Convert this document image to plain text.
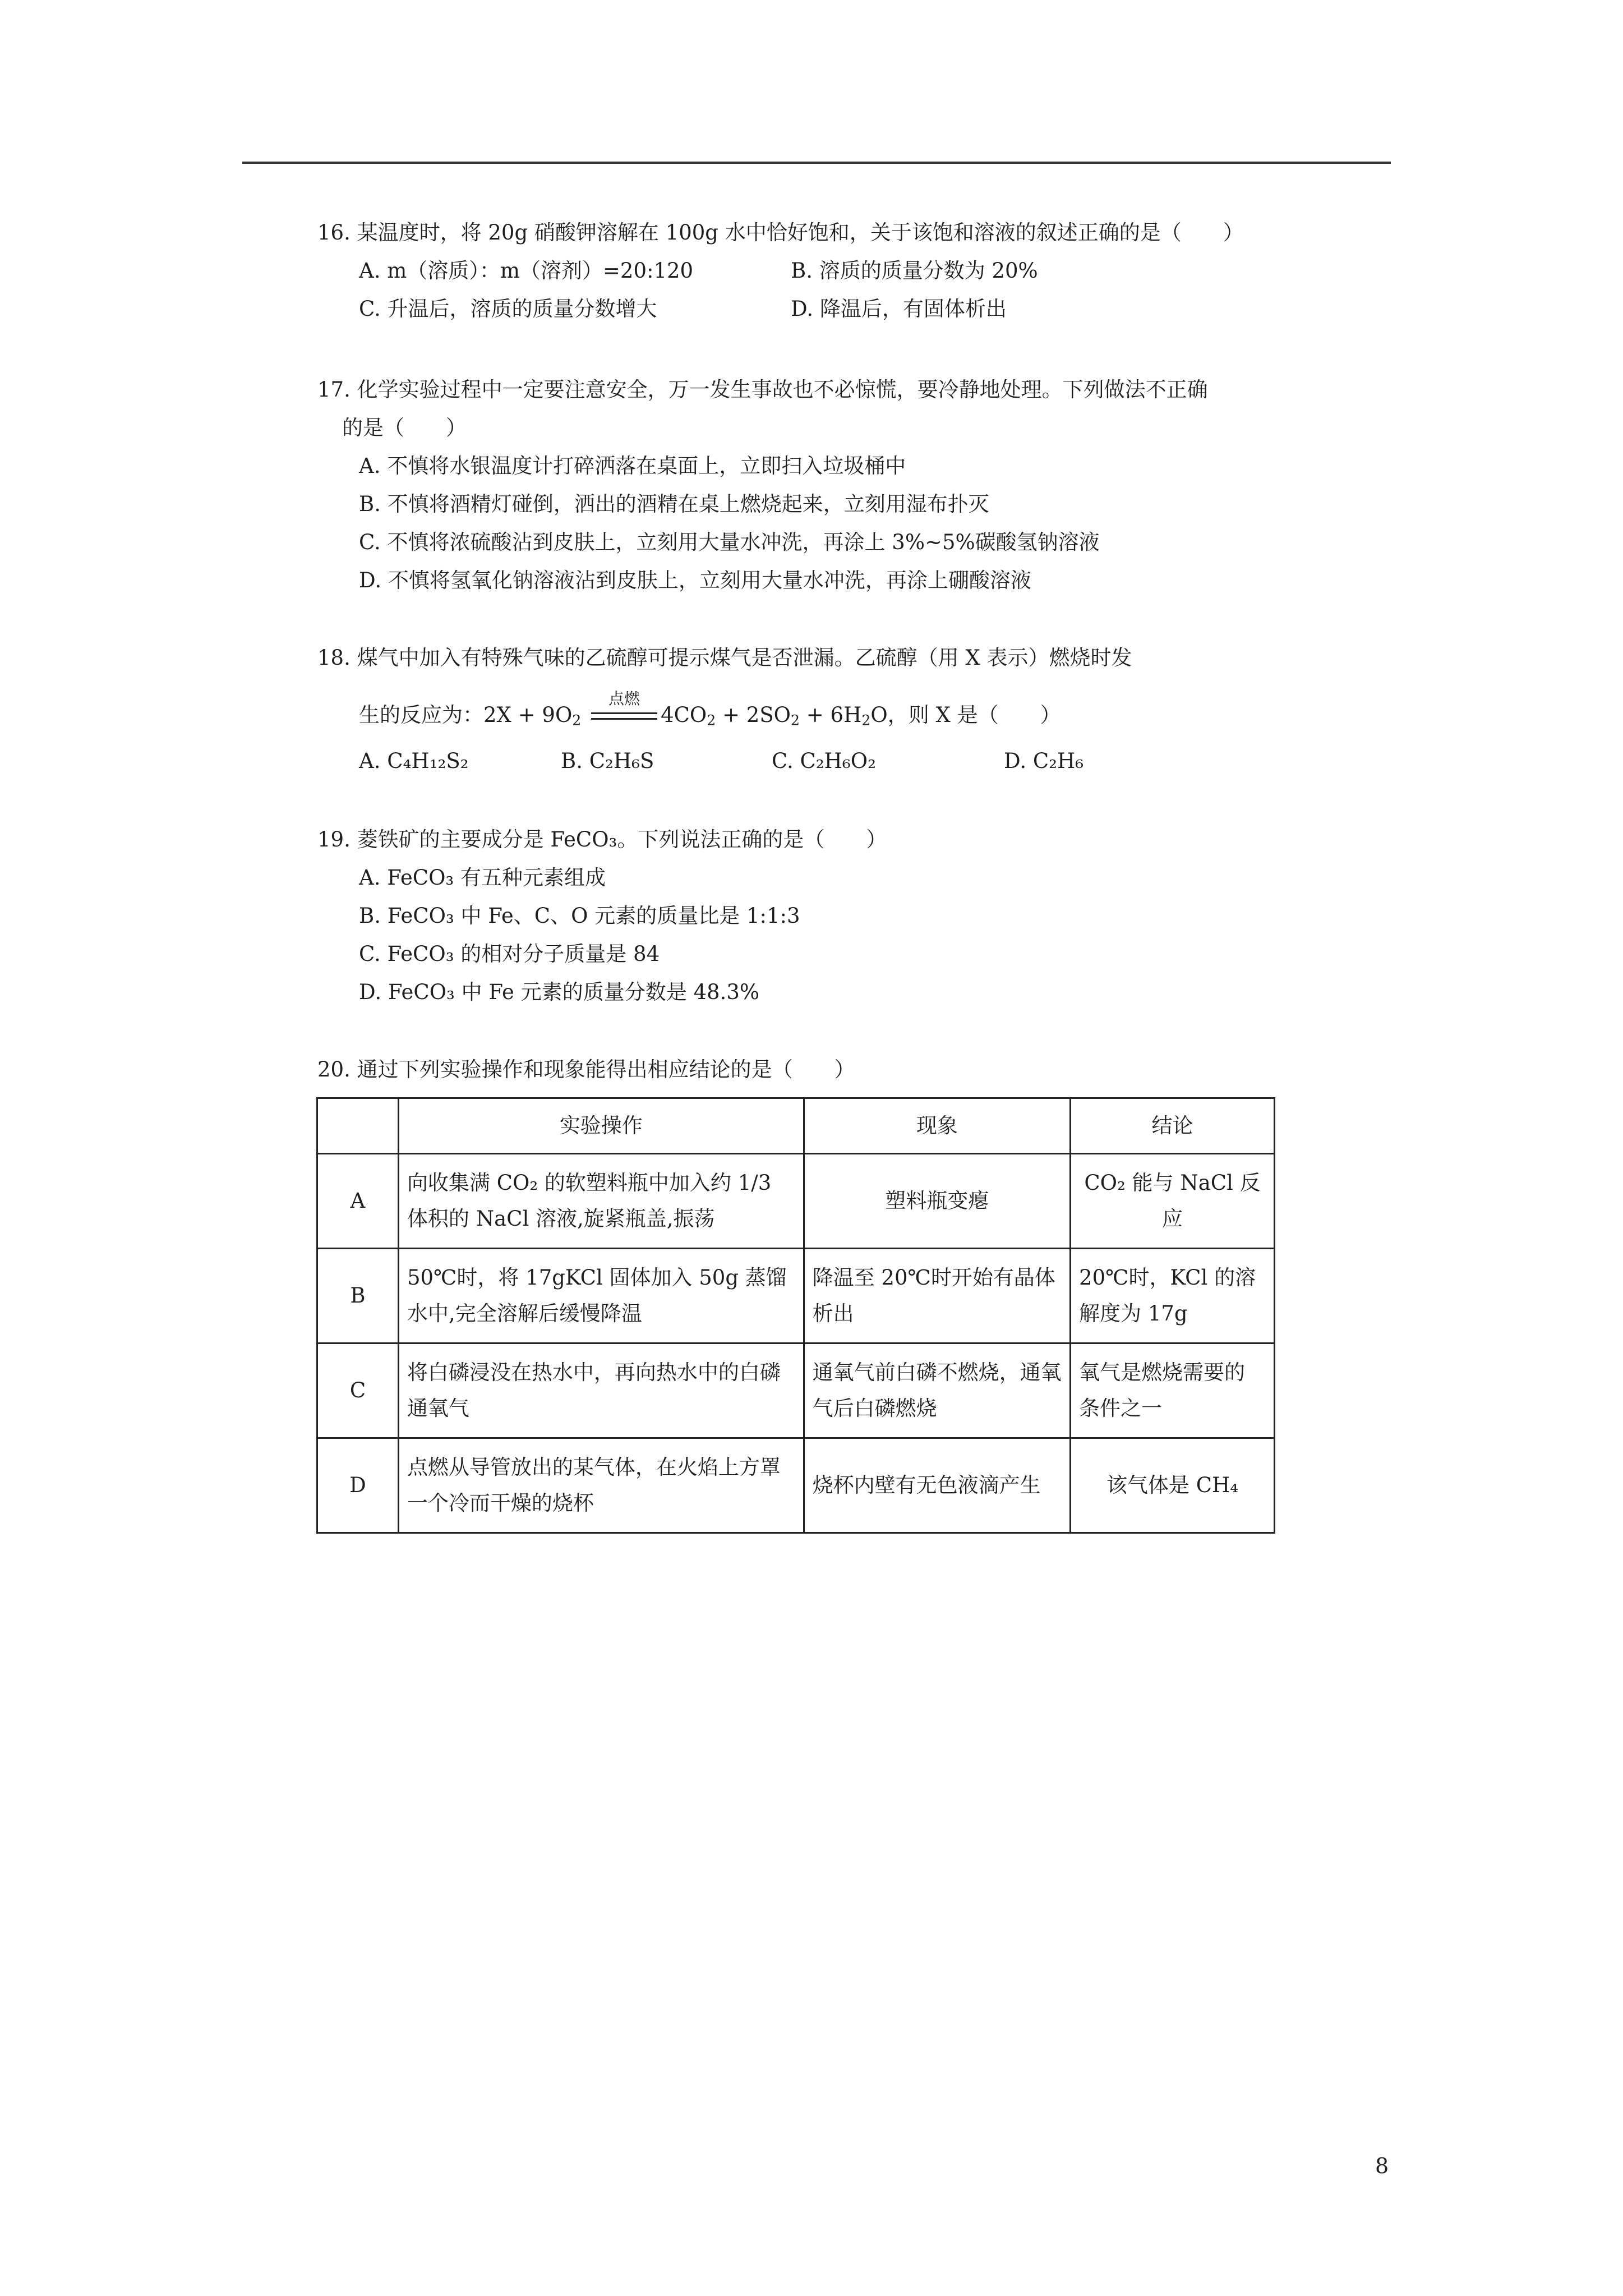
16. 某温度时，将 20g 硝酸钾溶解在 100g 水中恰好饱和，关于该饱和溶液的叙述正确的是（　　）
A. m（溶质）：m（溶剂）=20:120	B. 溶质的质量分数为 20%
C. 升温后，溶质的质量分数增大	D. 降温后，有固体析出
17. 化学实验过程中一定要注意安全，万一发生事故也不必惊慌，要冷静地处理。下列做法不正确
的是（　　）
A. 不慎将水银温度计打碎洒落在桌面上，立即扫入垃圾桶中
B. 不慎将酒精灯碰倒，洒出的酒精在桌上燃烧起来，立刻用湿布扑灭
C. 不慎将浓硫酸沾到皮肤上，立刻用大量水冲洗，再涂上 3%~5%碳酸氢钠溶液
D. 不慎将氢氧化钠溶液沾到皮肤上，立刻用大量水冲洗，再涂上硼酸溶液
18. 煤气中加入有特殊气味的乙硫醇可提示煤气是否泄漏。乙硫醇（用 X 表示）燃烧时发
生的反应为：$2X + 9O_2$
点燃
$4CO_2 + 2SO_2 + 6H_2O$，则 X 是（　　）
A. C₄H₁₂S₂	B. C₂H₆S	C. C₂H₆O₂	D. C₂H₆
19. 菱铁矿的主要成分是 FeCO₃。下列说法正确的是（　　）
A. FeCO₃ 有五种元素组成
B. FeCO₃ 中 Fe、C、O 元素的质量比是 1:1:3
C. FeCO₃ 的相对分子质量是 84
D. FeCO₃ 中 Fe 元素的质量分数是 48.3%
20. 通过下列实验操作和现象能得出相应结论的是（　　）
	实验操作	现象	结论
A	向收集满 CO₂ 的软塑料瓶中加入约 1/3 体积的 NaCl 溶液,旋紧瓶盖,振荡	塑料瓶变瘪	CO₂ 能与 NaCl 反应
B	50℃时，将 17gKCl 固体加入 50g 蒸馏水中,完全溶解后缓慢降温	降温至 20℃时开始有晶体析出	20℃时，KCl 的溶解度为 17g
C	将白磷浸没在热水中，再向热水中的白磷通氧气	通氧气前白磷不燃烧，通氧气后白磷燃烧	氧气是燃烧需要的条件之一
D	点燃从导管放出的某气体，在火焰上方罩一个冷而干燥的烧杯	烧杯内壁有无色液滴产生	该气体是 CH₄
8
